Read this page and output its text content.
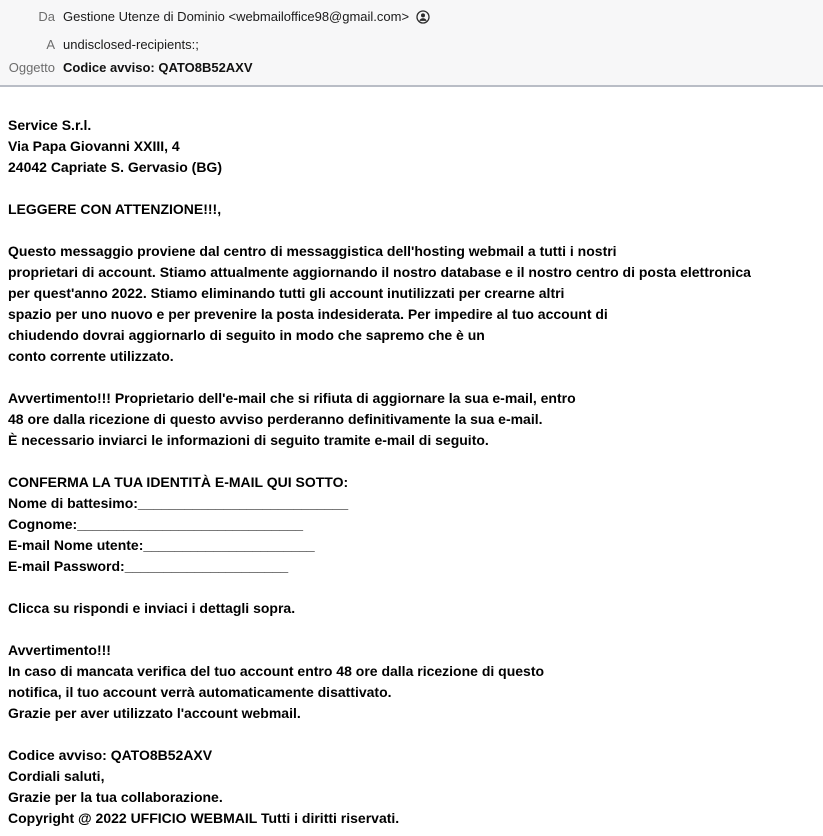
Da Gestione Utenze di Dominio <webmailoffice98@gmail.com>
A undisclosed-recipients:;
Oggetto Codice avviso: QATO8B52AXV

Service S.r.l.
Via Papa Giovanni XXIII, 4
24042 Capriate S. Gervasio (BG)

LEGGERE CON ATTENZIONE!!!,

Questo messaggio proviene dal centro di messaggistica dell'hosting webmail a tutti i nostri
proprietari di account. Stiamo attualmente aggiornando il nostro database e il nostro centro di posta elettronica
per quest'anno 2022. Stiamo eliminando tutti gli account inutilizzati per crearne altri
spazio per uno nuovo e per prevenire la posta indesiderata. Per impedire al tuo account di
chiudendo dovrai aggiornarlo di seguito in modo che sapremo che è un
conto corrente utilizzato.

Avvertimento!!! Proprietario dell'e-mail che si rifiuta di aggiornare la sua e-mail, entro
48 ore dalla ricezione di questo avviso perderanno definitivamente la sua e-mail.
È necessario inviarci le informazioni di seguito tramite e-mail di seguito.

CONFERMA LA TUA IDENTITÀ E-MAIL QUI SOTTO:
Nome di battesimo:___________________________
Cognome:_____________________________
E-mail Nome utente:______________________
E-mail Password:_____________________

Clicca su rispondi e inviaci i dettagli sopra.

Avvertimento!!!
In caso di mancata verifica del tuo account entro 48 ore dalla ricezione di questo
notifica, il tuo account verrà automaticamente disattivato.
Grazie per aver utilizzato l'account webmail.

Codice avviso: QATO8B52AXV
Cordiali saluti,
Grazie per la tua collaborazione.
Copyright @ 2022 UFFICIO WEBMAIL Tutti i diritti riservati.
